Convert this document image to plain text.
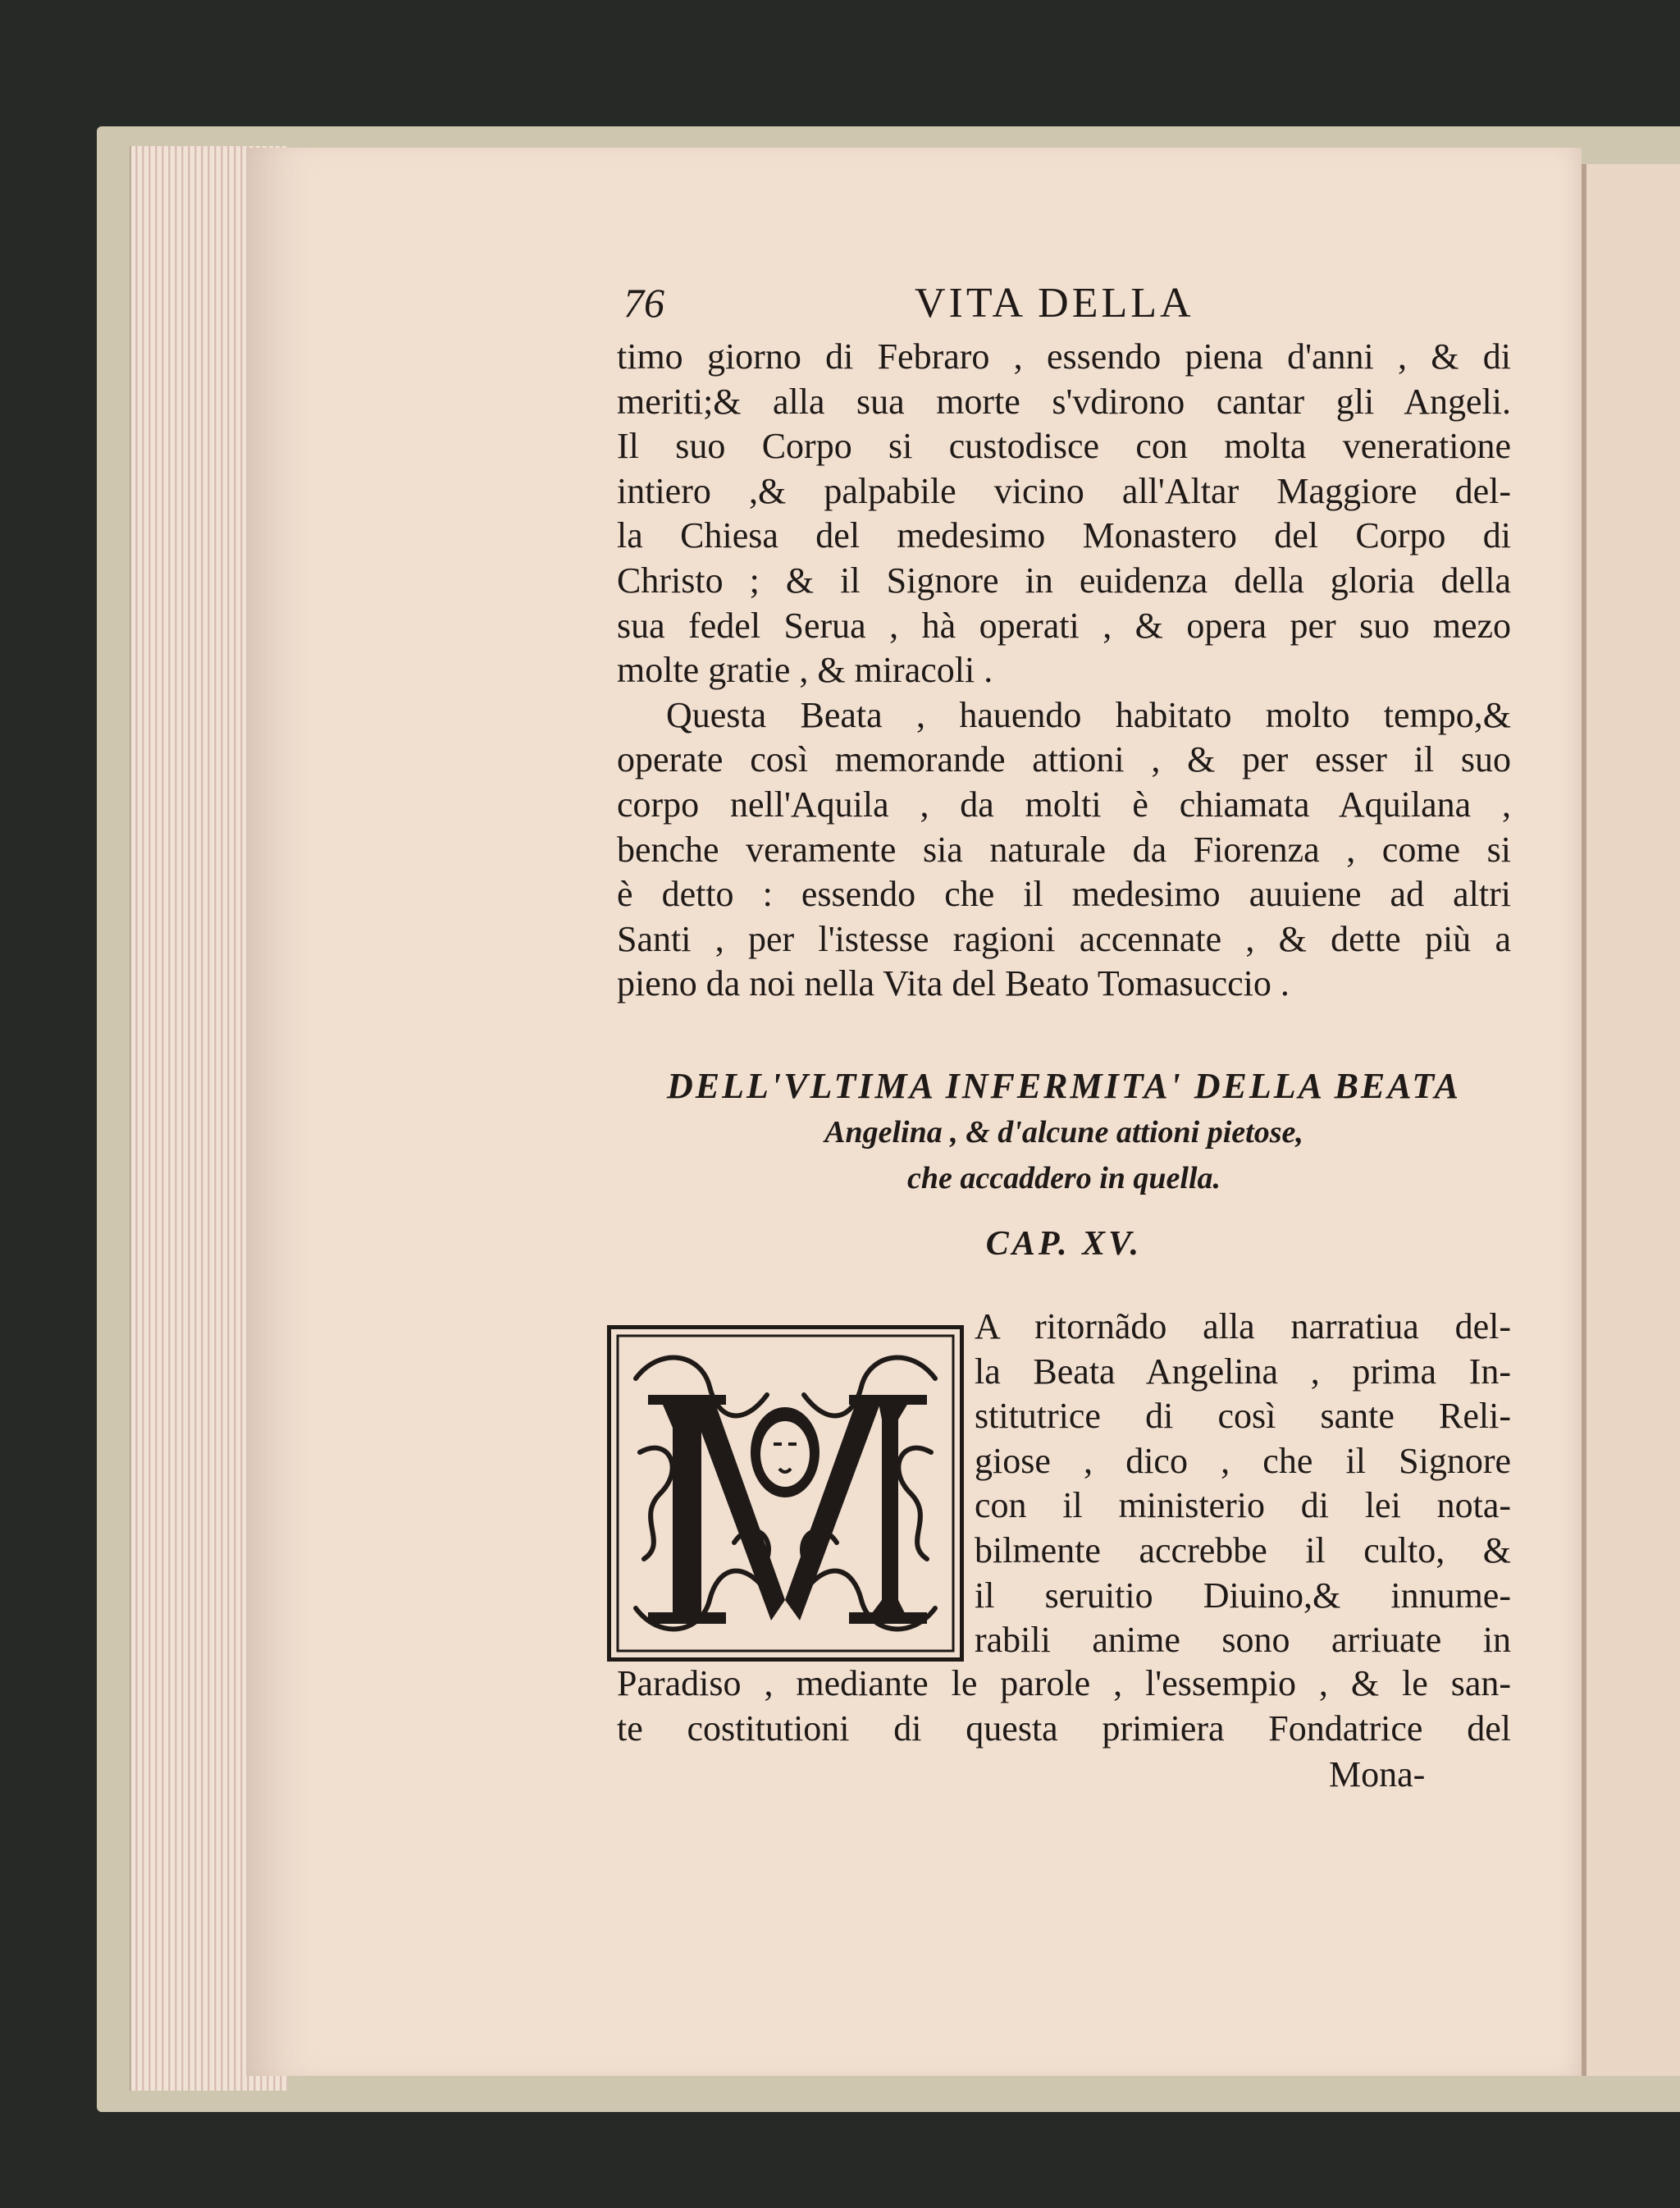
76	VITA DELLA
timo giorno di Febraro , essendo piena d'anni , & di
meriti;& alla sua morte s'vdirono cantar gli Angeli.
Il suo Corpo si custodisce con molta veneratione
intiero ,& palpabile vicino all'Altar Maggiore del-
la Chiesa del medesimo Monastero del Corpo di
Christo ; & il Signore in euidenza della gloria della
sua fedel Serua , hà operati , & opera per suo mezo
molte gratie , & miracoli .
Questa Beata , hauendo habitato molto tempo,&
operate così memorande attioni , & per esser il suo
corpo nell'Aquila , da molti è chiamata Aquilana ,
benche veramente sia naturale da Fiorenza , come si
è detto : essendo che il medesimo auuiene ad altri
Santi , per l'istesse ragioni accennate , & dette più a
pieno da noi nella Vita del Beato Tomasuccio .
DELL'VLTIMA INFERMITA' DELLA BEATA
Angelina , & d'alcune attioni pietose,
che accaddero in quella.
CAP. XV.
A ritornãdo alla narratiua del-
la Beata Angelina , prima In-
stitutrice di così sante Reli-
giose , dico , che il Signore
con il ministerio di lei nota-
bilmente accrebbe il culto, &
il seruitio Diuino,& innume-
rabili anime sono arriuate in
Paradiso , mediante le parole , l'essempio , & le san-
te costitutioni di questa primiera Fondatrice del
Mona-
